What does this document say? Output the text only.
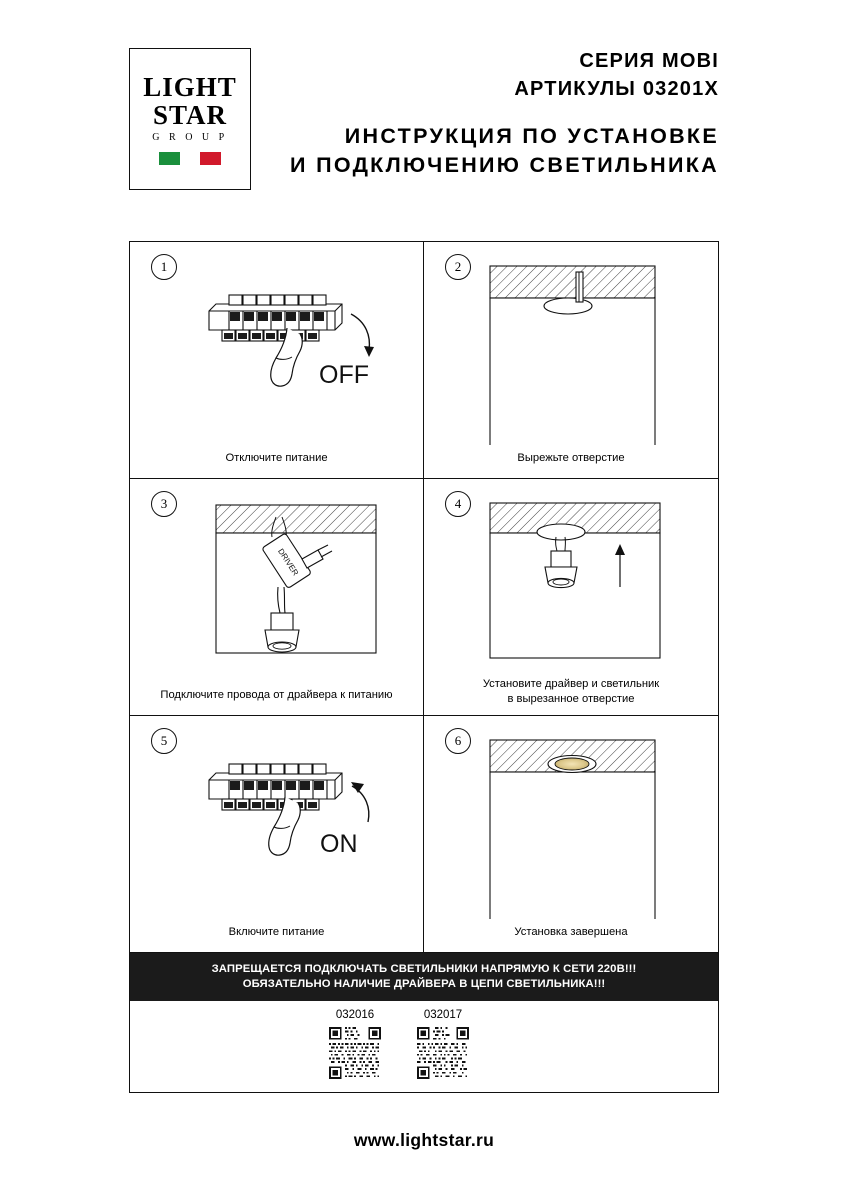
LIGHT
STAR
G R O U P
СЕРИЯ MOBI
АРТИКУЛЫ 03201X
ИНСТРУКЦИЯ ПО УСТАНОВКЕ
И ПОДКЛЮЧЕНИЮ СВЕТИЛЬНИКА
1
OFF
Отключите питание
2
Вырежьте отверстие
3
DRIVER
Подключите провода от драйвера к питанию
4
Установите драйвер и светильник
в вырезанное отверстие
5
ON
Включите питание
6
Установка завершена
ЗАПРЕЩАЕТСЯ ПОДКЛЮЧАТЬ СВЕТИЛЬНИКИ НАПРЯМУЮ К СЕТИ 220В!!!
ОБЯЗАТЕЛЬНО НАЛИЧИЕ ДРАЙВЕРА В ЦЕПИ СВЕТИЛЬНИКА!!!
032016	032017
www.lightstar.ru
